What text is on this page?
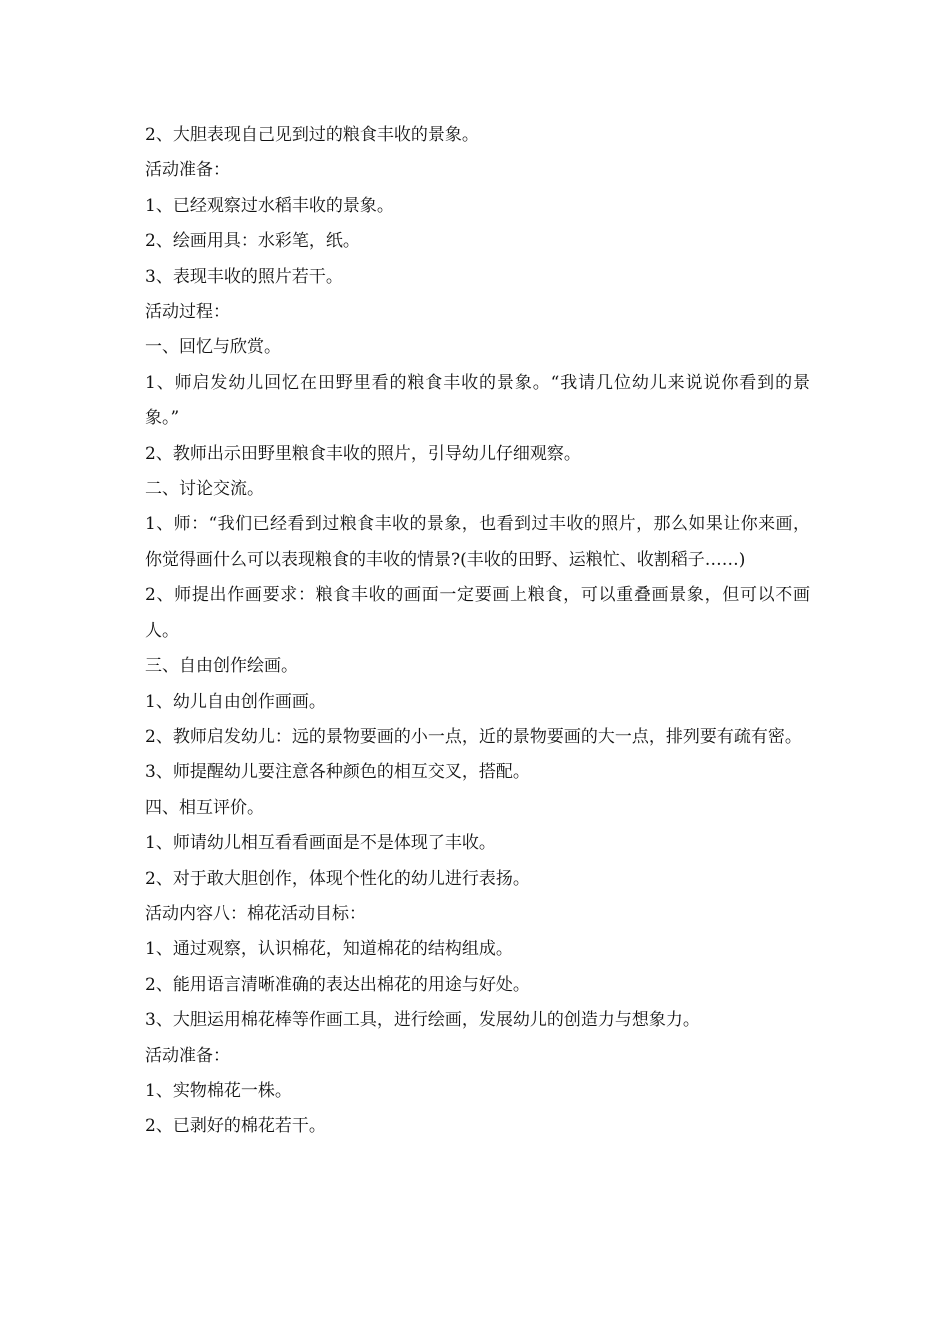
2、大胆表现自己见到过的粮食丰收的景象。

活动准备：

1、已经观察过水稻丰收的景象。

2、绘画用具：水彩笔，纸。

3、表现丰收的照片若干。

活动过程：

一、回忆与欣赏。

1、师启发幼儿回忆在田野里看的粮食丰收的景象。“我请几位幼儿来说说你看到的景象。”

2、教师出示田野里粮食丰收的照片，引导幼儿仔细观察。

二、讨论交流。

1、师：“我们已经看到过粮食丰收的景象，也看到过丰收的照片，那么如果让你来画，你觉得画什么可以表现粮食的丰收的情景?(丰收的田野、运粮忙、收割稻子……)

2、师提出作画要求：粮食丰收的画面一定要画上粮食，可以重叠画景象，但可以不画人。

三、自由创作绘画。

1、幼儿自由创作画画。

2、教师启发幼儿：远的景物要画的小一点，近的景物要画的大一点，排列要有疏有密。

3、师提醒幼儿要注意各种颜色的相互交叉，搭配。

四、相互评价。

1、师请幼儿相互看看画面是不是体现了丰收。

2、对于敢大胆创作，体现个性化的幼儿进行表扬。

活动内容八：棉花活动目标：

1、通过观察，认识棉花，知道棉花的结构组成。

2、能用语言清晰准确的表达出棉花的用途与好处。

3、大胆运用棉花棒等作画工具，进行绘画，发展幼儿的创造力与想象力。

活动准备：

1、实物棉花一株。

2、已剥好的棉花若干。
